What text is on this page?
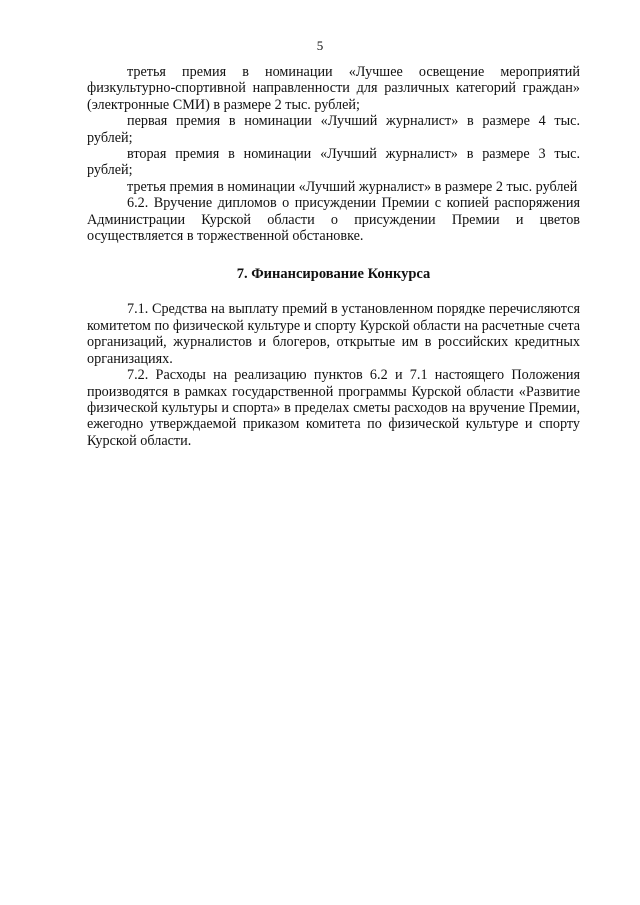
5

третья премия в номинации «Лучшее освещение мероприятий физкультурно-спортивной направленности для различных категорий граждан» (электронные СМИ) в размере 2 тыс. рублей;

первая премия в номинации «Лучший журналист» в размере 4 тыс. рублей;

вторая премия в номинации «Лучший журналист» в размере 3 тыс. рублей;

третья премия в номинации «Лучший журналист» в размере 2 тыс. рублей

6.2. Вручение дипломов о присуждении Премии с копией распоряжения Администрации Курской области о присуждении Премии и цветов осуществляется в торжественной обстановке.

7. Финансирование Конкурса

7.1. Средства на выплату премий в установленном порядке перечисляются комитетом по физической культуре и спорту Курской области на расчетные счета организаций, журналистов и блогеров, открытые им в российских кредитных организациях.

7.2. Расходы на реализацию пунктов 6.2 и 7.1 настоящего Положения производятся в рамках государственной программы Курской области «Развитие физической культуры и спорта» в пределах сметы расходов на вручение Премии, ежегодно утверждаемой приказом комитета по физической культуре и спорту Курской области.
